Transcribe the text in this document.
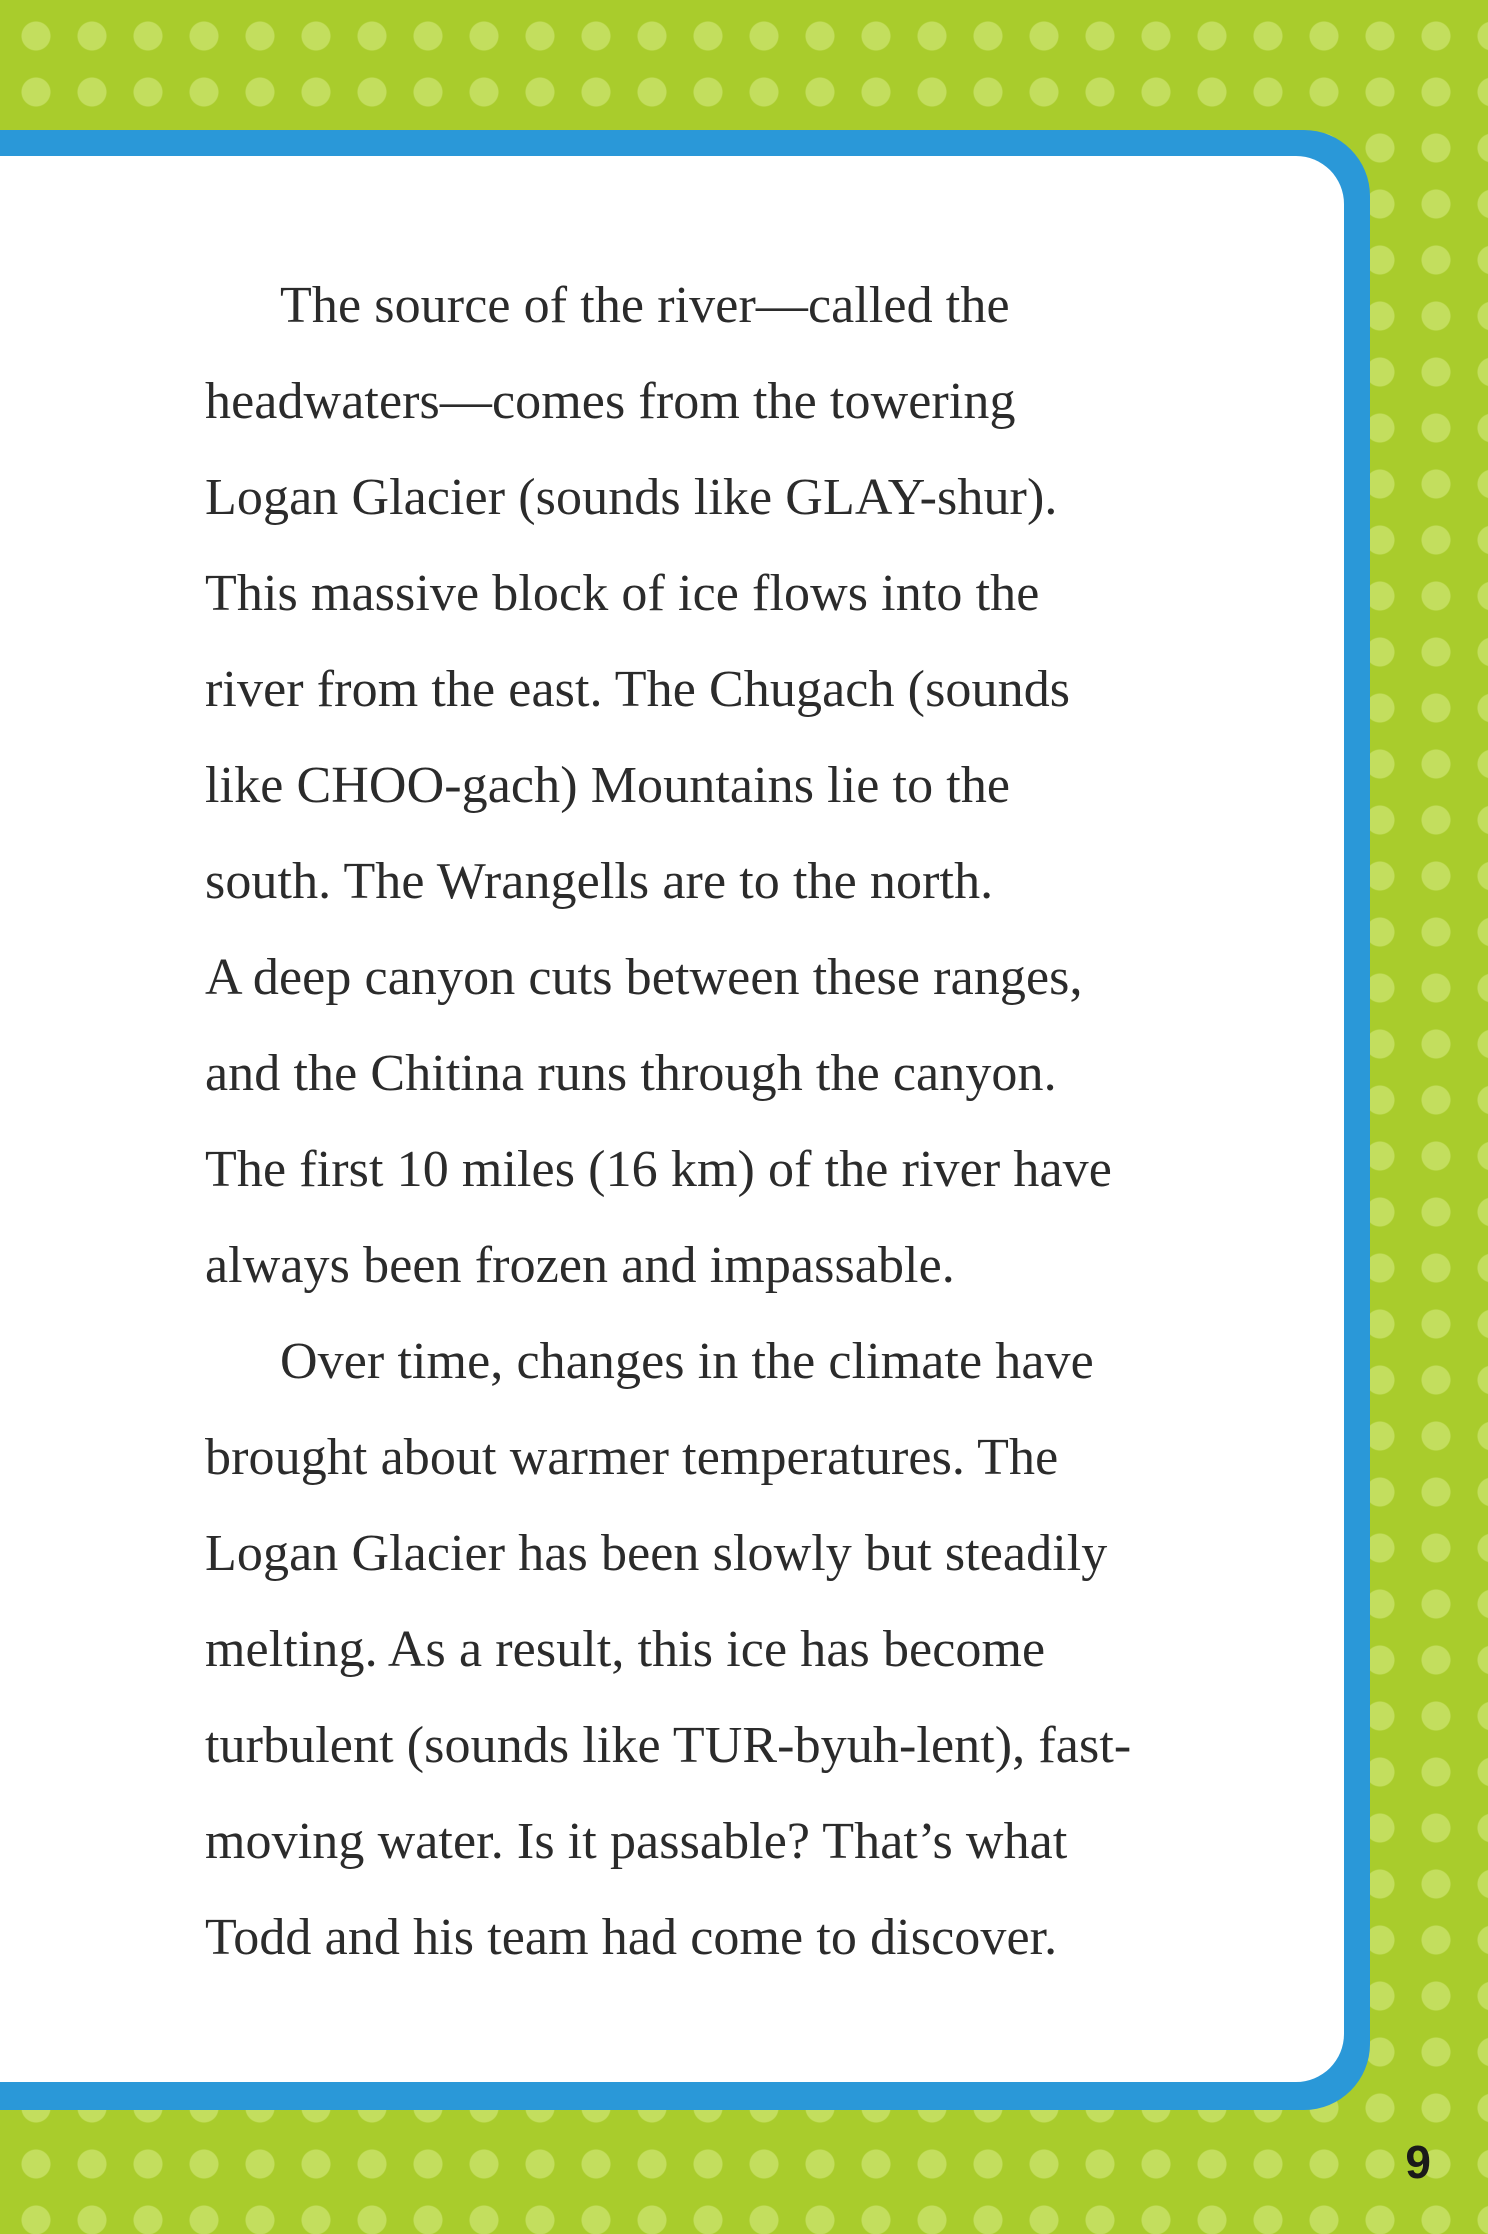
The source of the river—called the
headwaters—comes from the towering
Logan Glacier (sounds like GLAY-shur).
This massive block of ice flows into the
river from the east. The Chugach (sounds
like CHOO-gach) Mountains lie to the
south. The Wrangells are to the north.
A deep canyon cuts between these ranges,
and the Chitina runs through the canyon.
The first 10 miles (16 km) of the river have
always been frozen and impassable.
Over time, changes in the climate have
brought about warmer temperatures. The
Logan Glacier has been slowly but steadily
melting. As a result, this ice has become
turbulent (sounds like TUR-byuh-lent), fast-
moving water. Is it passable? That’s what
Todd and his team had come to discover.
9
